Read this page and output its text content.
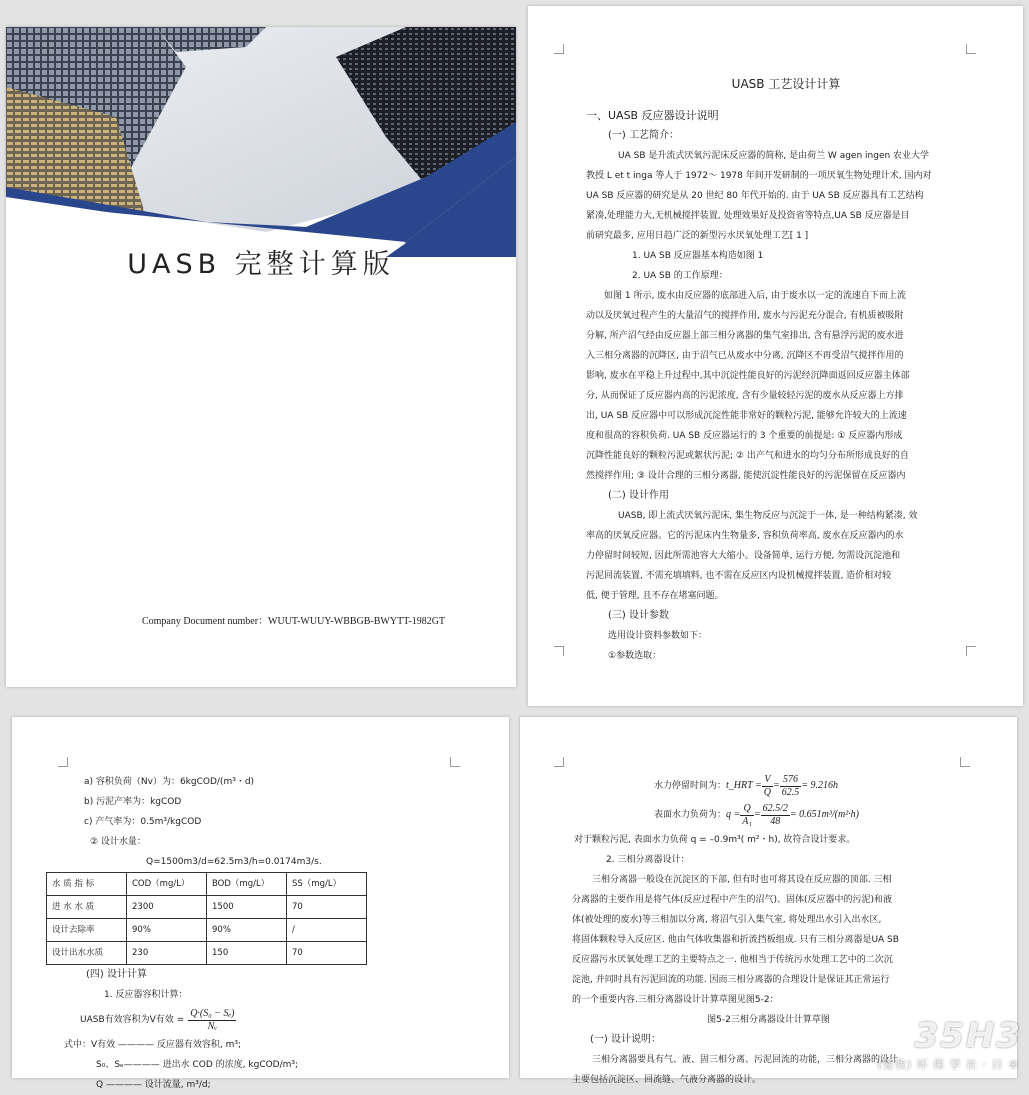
UASB 完整计算版
Company Document number：WUUT-WUUY-WBBGB-BWYTT-1982GT

UASB 工艺设计计算

一、UASB 反应器设计说明

(一) 工艺简介：

UA SB 是升流式厌氧污泥床反应器的简称, 是由荷兰 W agen ingen 农业大学

教授 L et t inga 等人于 1972～ 1978 年间开发研制的一项厌氧生物处理计术, 国内对

UA SB 反应器的研究是从 20 世纪 80 年代开始的. 由于 UA SB 反应器具有工艺结构

紧凑,处理能力大,无机械搅拌装置, 处理效果好及投资省等特点,UA SB 反应器是目

前研究最多, 应用日趋广泛的新型污水厌氧处理工艺[ 1 ]

1. UA SB 反应器基本构造如图 1

2. UA SB 的工作原理：

如图 1 所示, 废水由反应器的底部进入后, 由于废水以一定的流速自下而上流

动以及厌氧过程产生的大量沼气的搅拌作用, 废水与污泥充分混合, 有机质被吸附

分解, 所产沼气经由反应器上部三相分离器的集气室排出, 含有悬浮污泥的废水进

入三相分离器的沉降区, 由于沼气已从废水中分离, 沉降区不再受沼气搅拌作用的

影响, 废水在平稳上升过程中,其中沉淀性能良好的污泥经沉降面返回反应器主体部

分, 从而保证了反应器内高的污泥浓度, 含有少量较轻污泥的废水从反应器上方排

出, UA SB 反应器中可以形成沉淀性能非常好的颗粒污泥, 能够允许较大的上流速

度和很高的容积负荷. UA SB 反应器运行的 3 个重要的前提是: ① 反应器内形成

沉降性能良好的颗粒污泥或絮状污泥; ② 出产气和进水的均匀分布所形成良好的自

然搅拌作用; ③ 设计合理的三相分离器, 能使沉淀性能良好的污泥保留在反应器内

(二) 设计作用

UASB, 即上流式厌氧污泥床, 集生物反应与沉淀于一体, 是一种结构紧凑, 效

率高的厌氧反应器。它的污泥床内生物量多, 容积负荷率高, 废水在反应器内的水

力停留时间较短, 因此所需池容大大缩小。设备简单, 运行方便, 勿需设沉淀池和

污泥回流装置, 不需充填填料, 也不需在反应区内设机械搅拌装置, 造价相对较

低, 便于管理, 且不存在堵塞问题。

(三) 设计参数

选用设计资料参数如下：

①参数选取：

a) 容积负荷（Nv）为：6kgCOD/(m³・d)

b) 污泥产率为：kgCOD

c) 产气率为：0.5m³/kgCOD

② 设计水量：

Q=1500m3/d=62.5m3/h=0.0174m3/s.

水 质 指 标	COD（mg/L）	BOD（mg/L）	SS（mg/L）
进 水 水 质	2300	1500	70
设计去除率	90%	90%	/
设计出水水质	230	150	70

(四) 设计计算

1. 反应器容积计算：

UASB有效容积为V有效 = $\frac{\text{Q·(S₀ − Sₑ)}}{\text{Nᵥ}}$

式中：V有效 ———— 反应器有效容积, m³;

S₀、Sₑ———— 进出水 COD 的浓度, kgCOD/m³;

Q ———— 设计流量, m³/d;

水力停留时间为： t_HRT = $\frac{V}{Q} = \frac{576}{62.5} = 9.216h$
表面水力负荷为： $q = \frac{Q}{\text{A₁}} = \frac{62.5/2}{48} = 0.651m^3/(m^2\cdot h)$

对于颗粒污泥, 表面水力负荷 q = –0.9m³( m²・h), 故符合设计要求。

2. 三相分离器设计：

三相分离器一般设在沉淀区的下部, 但有时也可将其设在反应器的顶部. 三相

分离器的主要作用是将气体(反应过程中产生的沼气)、固体(反应器中的污泥)和液

体(被处理的废水)等三相加以分离, 将沼气引入集气室, 将处理出水引入出水区,

将固体颗粒导入反应区. 他由气体收集器和折流挡板组成. 只有三相分离器是UA SB

反应器污水厌氧处理工艺的主要特点之一. 他相当于传统污水处理工艺中的二次沉

淀池, 并同时具有污泥回流的功能. 因而三相分离器的合理设计是保证其正常运行

的一个重要内容.三相分离器设计计算草图见图5-2：

图5-2三相分离器设计计算草图

(一) 设计说明：

三相分离器要具有气、液、固三相分离、污泥回流的功能，三相分离器的设计

主要包括沉淀区、回流缝、气液分离器的设计。

35H3
(爱我) 环 保 学 社 · 日 ®
